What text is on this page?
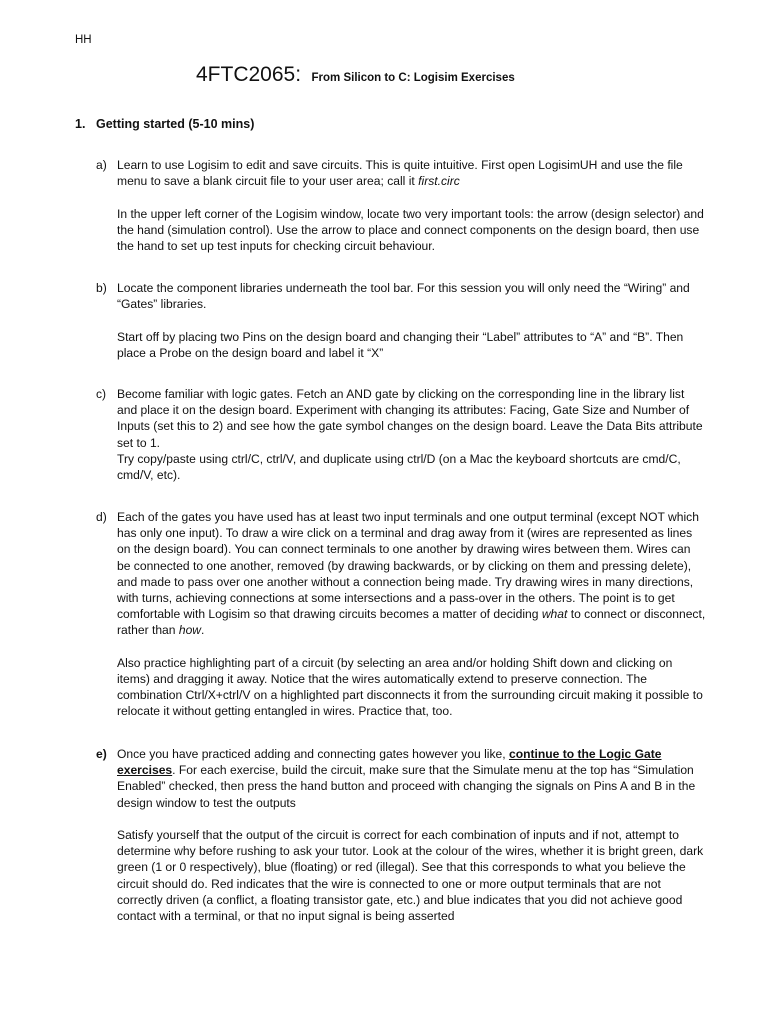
HH
4FTC2065: From Silicon to C: Logisim Exercises
1. Getting started (5-10 mins)
a) Learn to use Logisim to edit and save circuits. This is quite intuitive. First open LogisimUH and use the file menu to save a blank circuit file to your user area; call it first.circ

In the upper left corner of the Logisim window, locate two very important tools: the arrow (design selector) and the hand (simulation control). Use the arrow to place and connect components on the design board, then use the hand to set up test inputs for checking circuit behaviour.

b) Locate the component libraries underneath the tool bar. For this session you will only need the “Wiring” and “Gates” libraries.

Start off by placing two Pins on the design board and changing their “Label” attributes to “A” and “B”. Then place a Probe on the design board and label it “X”

c) Become familiar with logic gates. Fetch an AND gate by clicking on the corresponding line in the library list and place it on the design board. Experiment with changing its attributes: Facing, Gate Size and Number of Inputs (set this to 2) and see how the gate symbol changes on the design board. Leave the Data Bits attribute set to 1.

Try copy/paste using ctrl/C, ctrl/V, and duplicate using ctrl/D (on a Mac the keyboard shortcuts are cmd/C, cmd/V, etc).

d) Each of the gates you have used has at least two input terminals and one output terminal (except NOT which has only one input). To draw a wire click on a terminal and drag away from it (wires are represented as lines on the design board). You can connect terminals to one another by drawing wires between them. Wires can be connected to one another, removed (by drawing backwards, or by clicking on them and pressing delete), and made to pass over one another without a connection being made. Try drawing wires in many directions, with turns, achieving connections at some intersections and a pass-over in the others. The point is to get comfortable with Logisim so that drawing circuits becomes a matter of deciding what to connect or disconnect, rather than how.

Also practice highlighting part of a circuit (by selecting an area and/or holding Shift down and clicking on items) and dragging it away. Notice that the wires automatically extend to preserve connection. The combination Ctrl/X+ctrl/V on a highlighted part disconnects it from the surrounding circuit making it possible to relocate it without getting entangled in wires. Practice that, too.

e) Once you have practiced adding and connecting gates however you like, continue to the Logic Gate exercises. For each exercise, build the circuit, make sure that the Simulate menu at the top has “Simulation Enabled” checked, then press the hand button and proceed with changing the signals on Pins A and B in the design window to test the outputs

Satisfy yourself that the output of the circuit is correct for each combination of inputs and if not, attempt to determine why before rushing to ask your tutor. Look at the colour of the wires, whether it is bright green, dark green (1 or 0 respectively), blue (floating) or red (illegal). See that this corresponds to what you believe the circuit should do. Red indicates that the wire is connected to one or more output terminals that are not correctly driven (a conflict, a floating transistor gate, etc.) and blue indicates that you did not achieve good contact with a terminal, or that no input signal is being asserted
